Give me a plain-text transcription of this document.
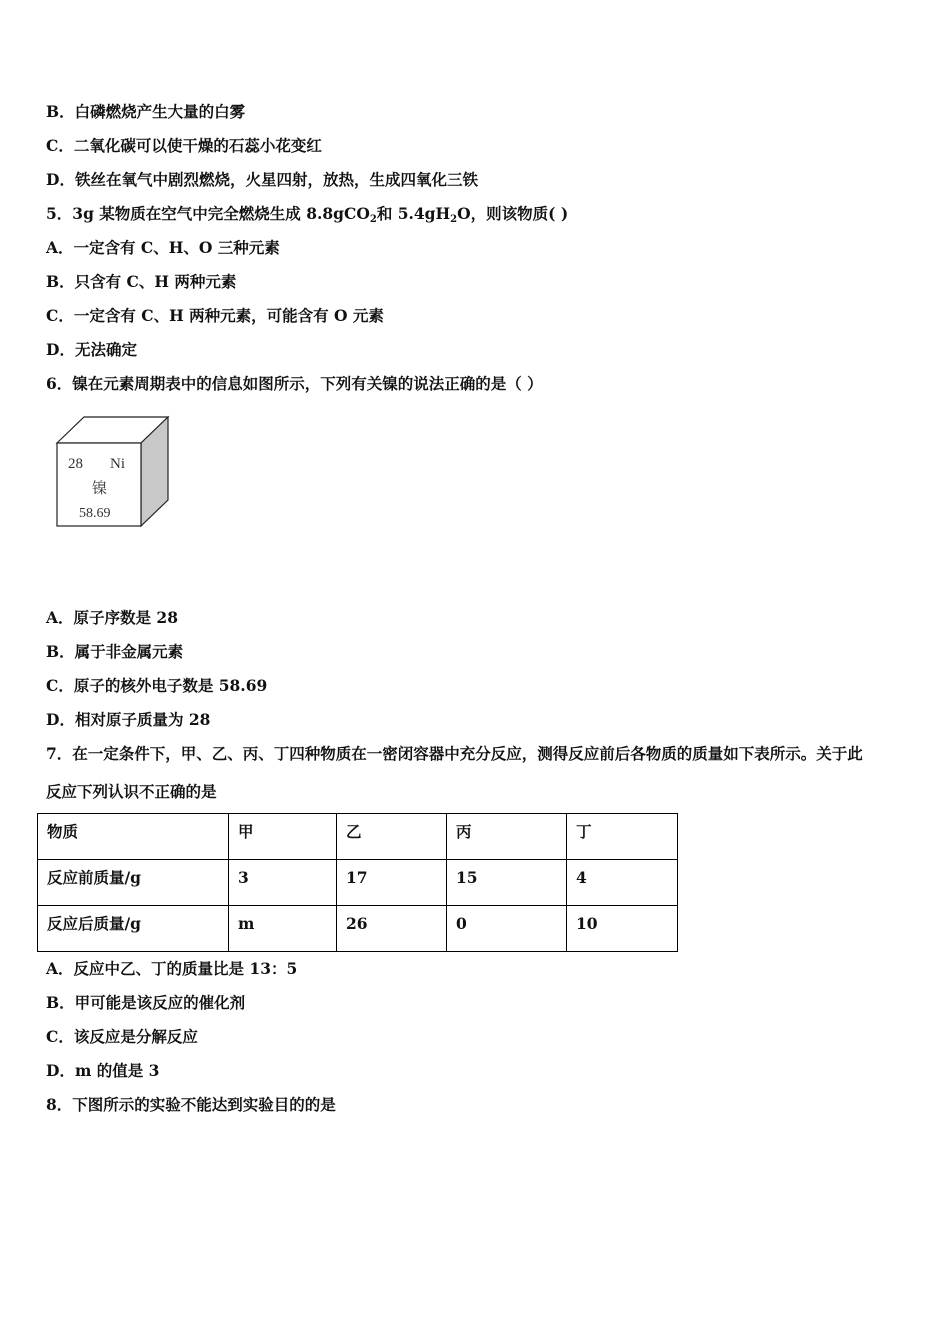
B．白磷燃烧产生大量的白雾
C．二氧化碳可以使干燥的石蕊小花变红
D．铁丝在氧气中剧烈燃烧，火星四射，放热，生成四氧化三铁
5．3g 某物质在空气中完全燃烧生成 8.8gCO$_2$和 $5.4gH_2O$，则该物质( )
A．一定含有 C、H、O 三种元素
B．只含有 C、H 两种元素
C．一定含有 C、H 两种元素，可能含有 O 元素
D．无法确定
6．镍在元素周期表中的信息如图所示，下列有关镍的说法正确的是（ ）
28 Ni
镍
58.69
A．原子序数是 28
B．属于非金属元素
C．原子的核外电子数是 58.69
D．相对原子质量为 28
7．在一定条件下，甲、乙、丙、丁四种物质在一密闭容器中充分反应，测得反应前后各物质的质量如下表所示。关于此
反应下列认识不正确的是
物质	甲	乙	丙	丁
反应前质量/g	3	17	15	4
反应后质量/g	m	26	0	10
A．反应中乙、丁的质量比是 13：5
B．甲可能是该反应的催化剂
C．该反应是分解反应
D．m 的值是 3
8．下图所示的实验不能达到实验目的的是
